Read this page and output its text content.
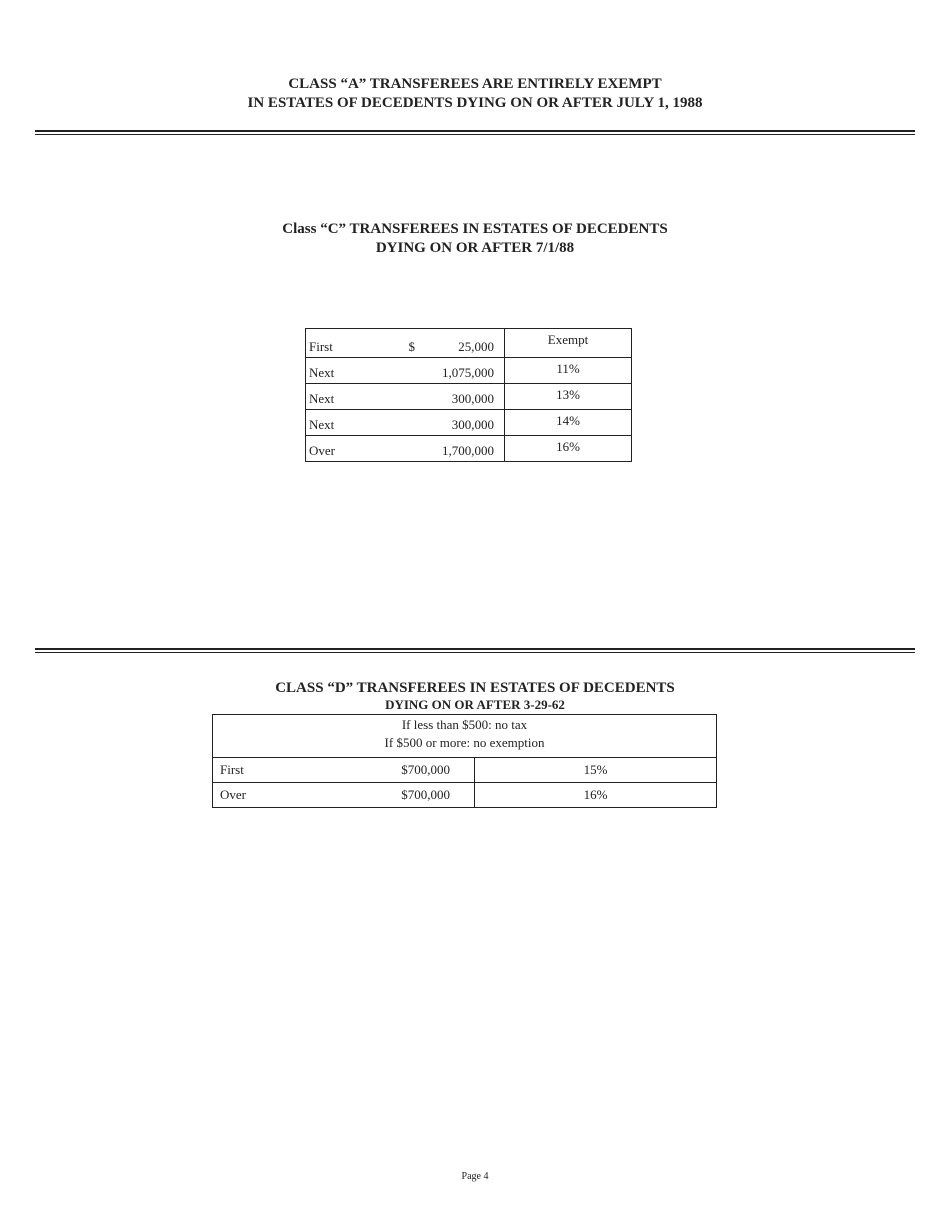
CLASS “A” TRANSFEREES ARE ENTIRELY EXEMPT
IN ESTATES OF DECEDENTS DYING ON OR AFTER JULY 1, 1988
Class “C” TRANSFEREES IN ESTATES OF DECEDENTS
DYING ON OR AFTER 7/1/88
First	$ 25,000	Exempt
Next	1,075,000	11%
Next	300,000	13%
Next	300,000	14%
Over	1,700,000	16%
CLASS “D” TRANSFEREES IN ESTATES OF DECEDENTS
DYING ON OR AFTER 3-29-62
If less than $500: no tax
If $500 or more: no exemption		

First	$700,000	15%
Over	$700,000	16%
Page 4
